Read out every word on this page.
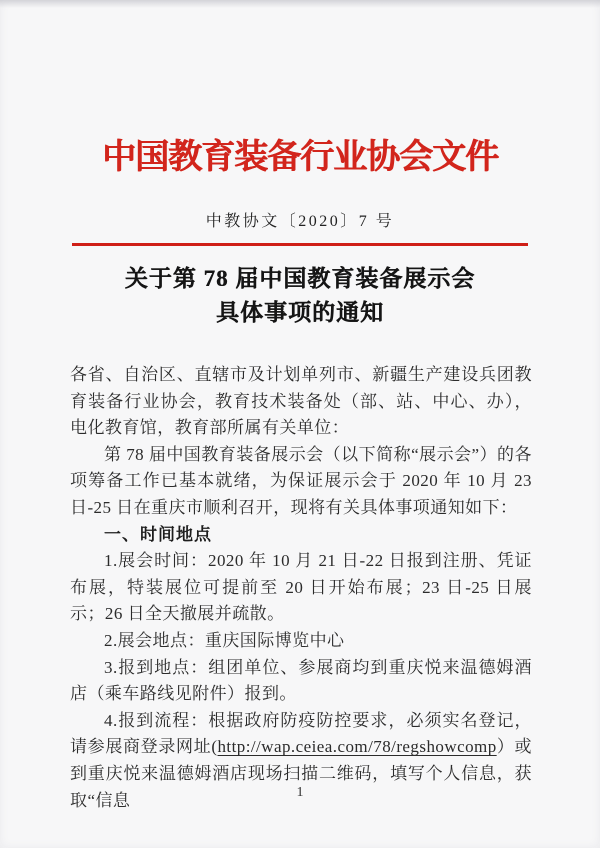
中国教育装备行业协会文件
中教协文〔2020〕7 号
关于第 78 届中国教育装备展示会
具体事项的通知

各省、自治区、直辖市及计划单列市、新疆生产建设兵团教育装备行业协会，教育技术装备处（部、站、中心、办），电化教育馆，教育部所属有关单位：

第 78 届中国教育装备展示会（以下简称“展示会”）的各项筹备工作已基本就绪，为保证展示会于 2020 年 10 月 23 日-25 日在重庆市顺利召开，现将有关具体事项通知如下：

一、时间地点

1.展会时间：2020 年 10 月 21 日-22 日报到注册、凭证布展，特装展位可提前至 20 日开始布展；23 日-25 日展示；26 日全天撤展并疏散。

2.展会地点：重庆国际博览中心

3.报到地点：组团单位、参展商均到重庆悦来温德姆酒店（乘车路线见附件）报到。

4.报到流程：根据政府防疫防控要求，必须实名登记，请参展商登录网址(http://wap.ceiea.com/78/regshowcomp）或到重庆悦来温德姆酒店现场扫描二维码，填写个人信息，获取“信息	1
